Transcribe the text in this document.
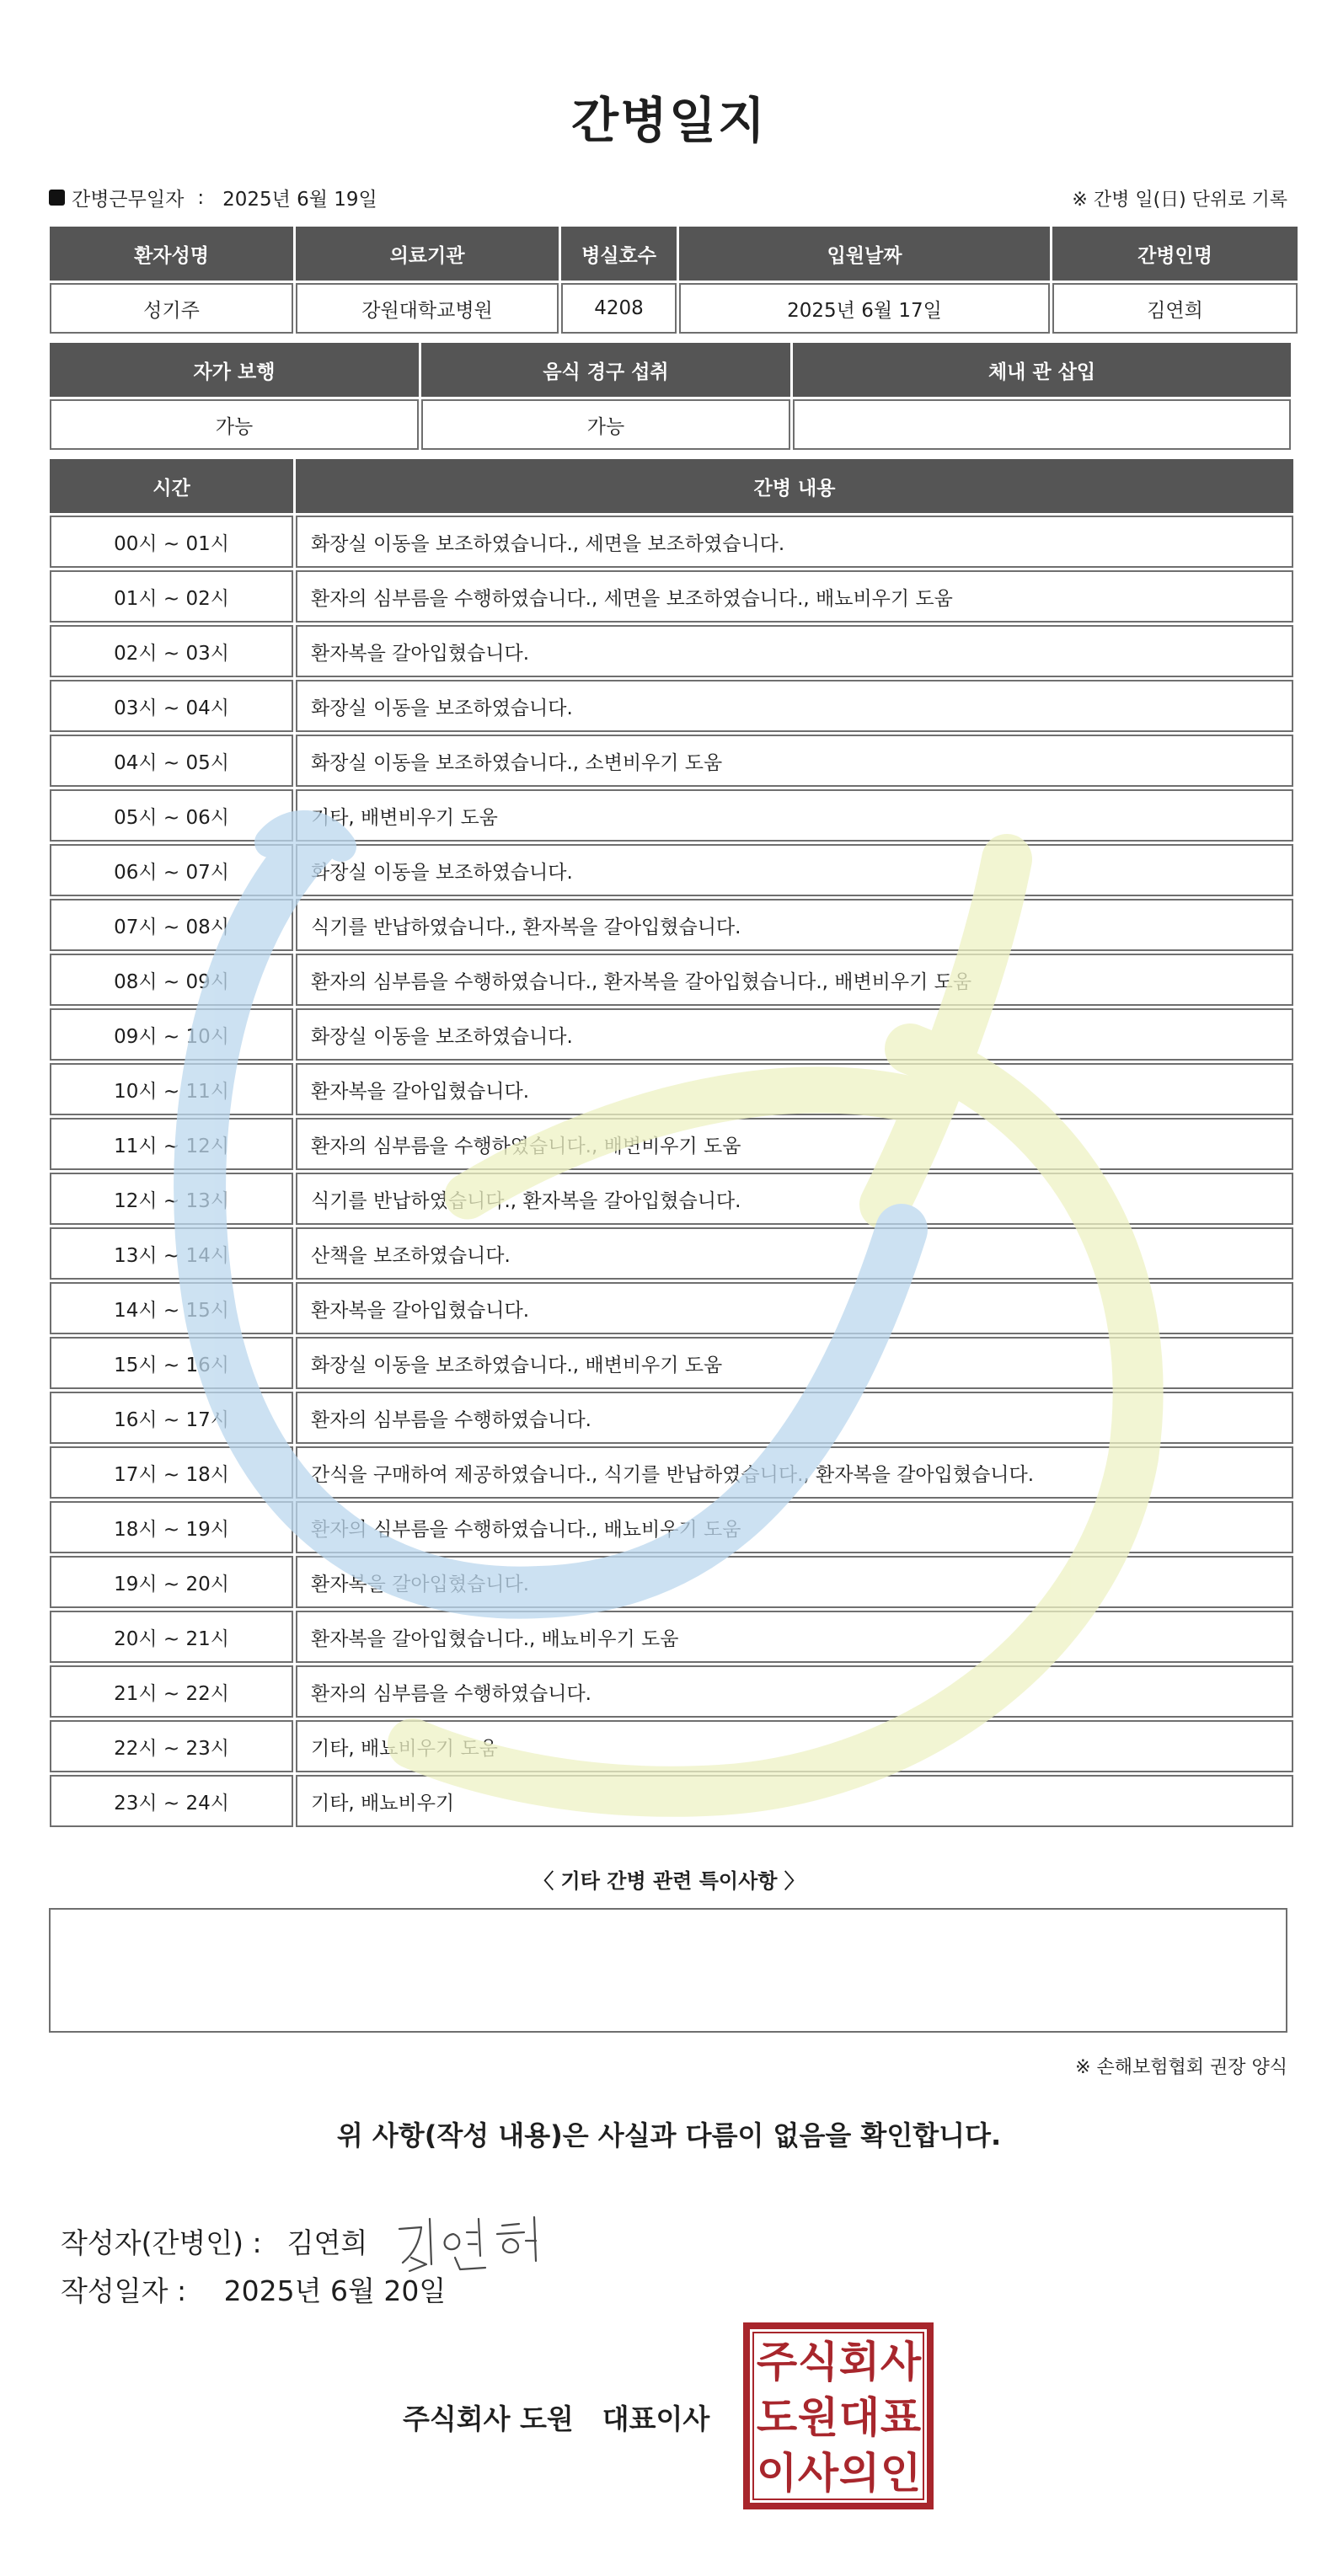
간병일지
간병근무일자 : 2025년 6월 19일	※ 간병 일(日) 단위로 기록
환자성명	의료기관	병실호수	입원날짜	간병인명
성기주	강원대학교병원	4208	2025년 6월 17일	김연희
자가 보행	음식 경구 섭취	체내 관 삽입
가능	가능	
시간	간병 내용
00시 ~ 01시	화장실 이동을 보조하였습니다., 세면을 보조하였습니다.
01시 ~ 02시	환자의 심부름을 수행하였습니다., 세면을 보조하였습니다., 배뇨비우기 도움
02시 ~ 03시	환자복을 갈아입혔습니다.
03시 ~ 04시	화장실 이동을 보조하였습니다.
04시 ~ 05시	화장실 이동을 보조하였습니다., 소변비우기 도움
05시 ~ 06시	기타, 배변비우기 도움
06시 ~ 07시	화장실 이동을 보조하였습니다.
07시 ~ 08시	식기를 반납하였습니다., 환자복을 갈아입혔습니다.
08시 ~ 09시	환자의 심부름을 수행하였습니다., 환자복을 갈아입혔습니다., 배변비우기 도움
09시 ~ 10시	화장실 이동을 보조하였습니다.
10시 ~ 11시	환자복을 갈아입혔습니다.
11시 ~ 12시	환자의 심부름을 수행하였습니다., 배변비우기 도움
12시 ~ 13시	식기를 반납하였습니다., 환자복을 갈아입혔습니다.
13시 ~ 14시	산책을 보조하였습니다.
14시 ~ 15시	환자복을 갈아입혔습니다.
15시 ~ 16시	화장실 이동을 보조하였습니다., 배변비우기 도움
16시 ~ 17시	환자의 심부름을 수행하였습니다.
17시 ~ 18시	간식을 구매하여 제공하였습니다., 식기를 반납하였습니다., 환자복을 갈아입혔습니다.
18시 ~ 19시	환자의 심부름을 수행하였습니다., 배뇨비우기 도움
19시 ~ 20시	환자복을 갈아입혔습니다.
20시 ~ 21시	환자복을 갈아입혔습니다., 배뇨비우기 도움
21시 ~ 22시	환자의 심부름을 수행하였습니다.
22시 ~ 23시	기타, 배뇨비우기 도움
23시 ~ 24시	기타, 배뇨비우기
〈 기타 간병 관련 특이사항 〉
※ 손해보험협회 권장 양식
위 사항(작성 내용)은 사실과 다름이 없음을 확인합니다.
작성자(간병인) : 김연희
작성일자 : 2025년 6월 20일
주식회사 도원 대표이사
주 식 회 사
도 원 대 표
이 사 의 인
